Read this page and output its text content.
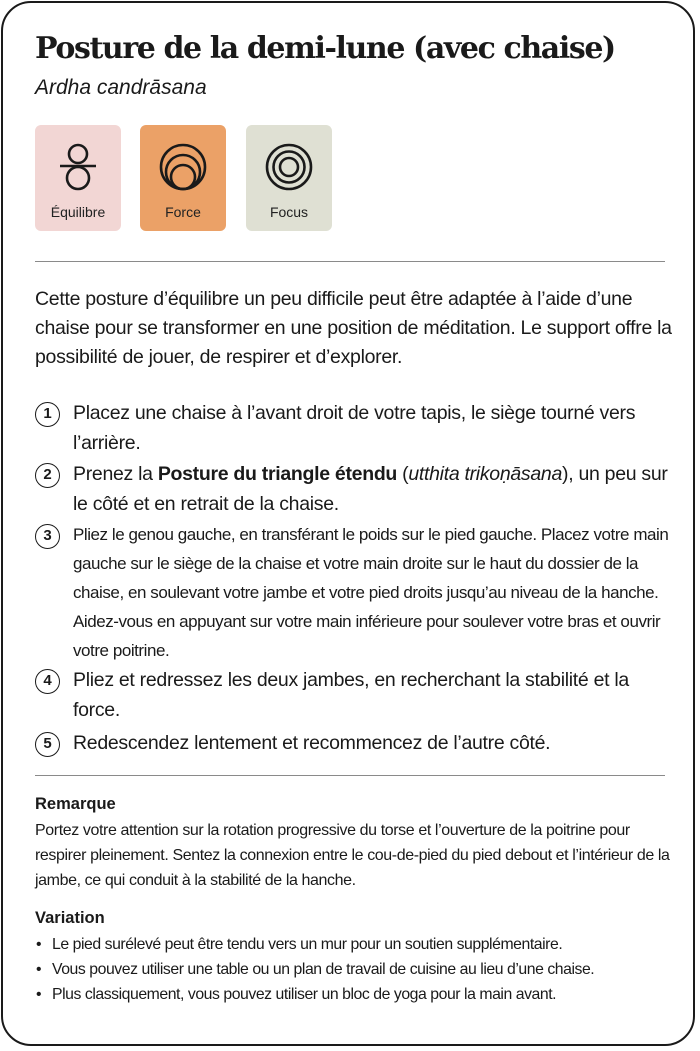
Posture de la demi-lune (avec chaise)
Ardha candrāsana
Équilibre	Force	Focus
Cette posture d’équilibre un peu difficile peut être adaptée à l’aide d’une chaise pour se transformer en une position de méditation. Le support offre la possibilité de jouer, de respirer et d’explorer.
1	Placez une chaise à l’avant droit de votre tapis, le siège tourné vers l’arrière.
2	Prenez la Posture du triangle étendu (utthita trikoṇāsana), un peu sur le côté et en retrait de la chaise.
3	Pliez le genou gauche, en transférant le poids sur le pied gauche. Placez votre main gauche sur le siège de la chaise et votre main droite sur le haut du dossier de la chaise, en soulevant votre jambe et votre pied droits jusqu’au niveau de la hanche. Aidez-vous en appuyant sur votre main inférieure pour soulever votre bras et ouvrir votre poitrine.
4	Pliez et redressez les deux jambes, en recherchant la stabilité et la force.
5	Redescendez lentement et recommencez de l’autre côté.
Remarque
Portez votre attention sur la rotation progressive du torse et l’ouverture de la poitrine pour respirer pleinement. Sentez la connexion entre le cou-de-pied du pied debout et l’intérieur de la jambe, ce qui conduit à la stabilité de la hanche.
Variation
• Le pied surélevé peut être tendu vers un mur pour un soutien supplémentaire.
• Vous pouvez utiliser une table ou un plan de travail de cuisine au lieu d’une chaise.
• Plus classiquement, vous pouvez utiliser un bloc de yoga pour la main avant.
